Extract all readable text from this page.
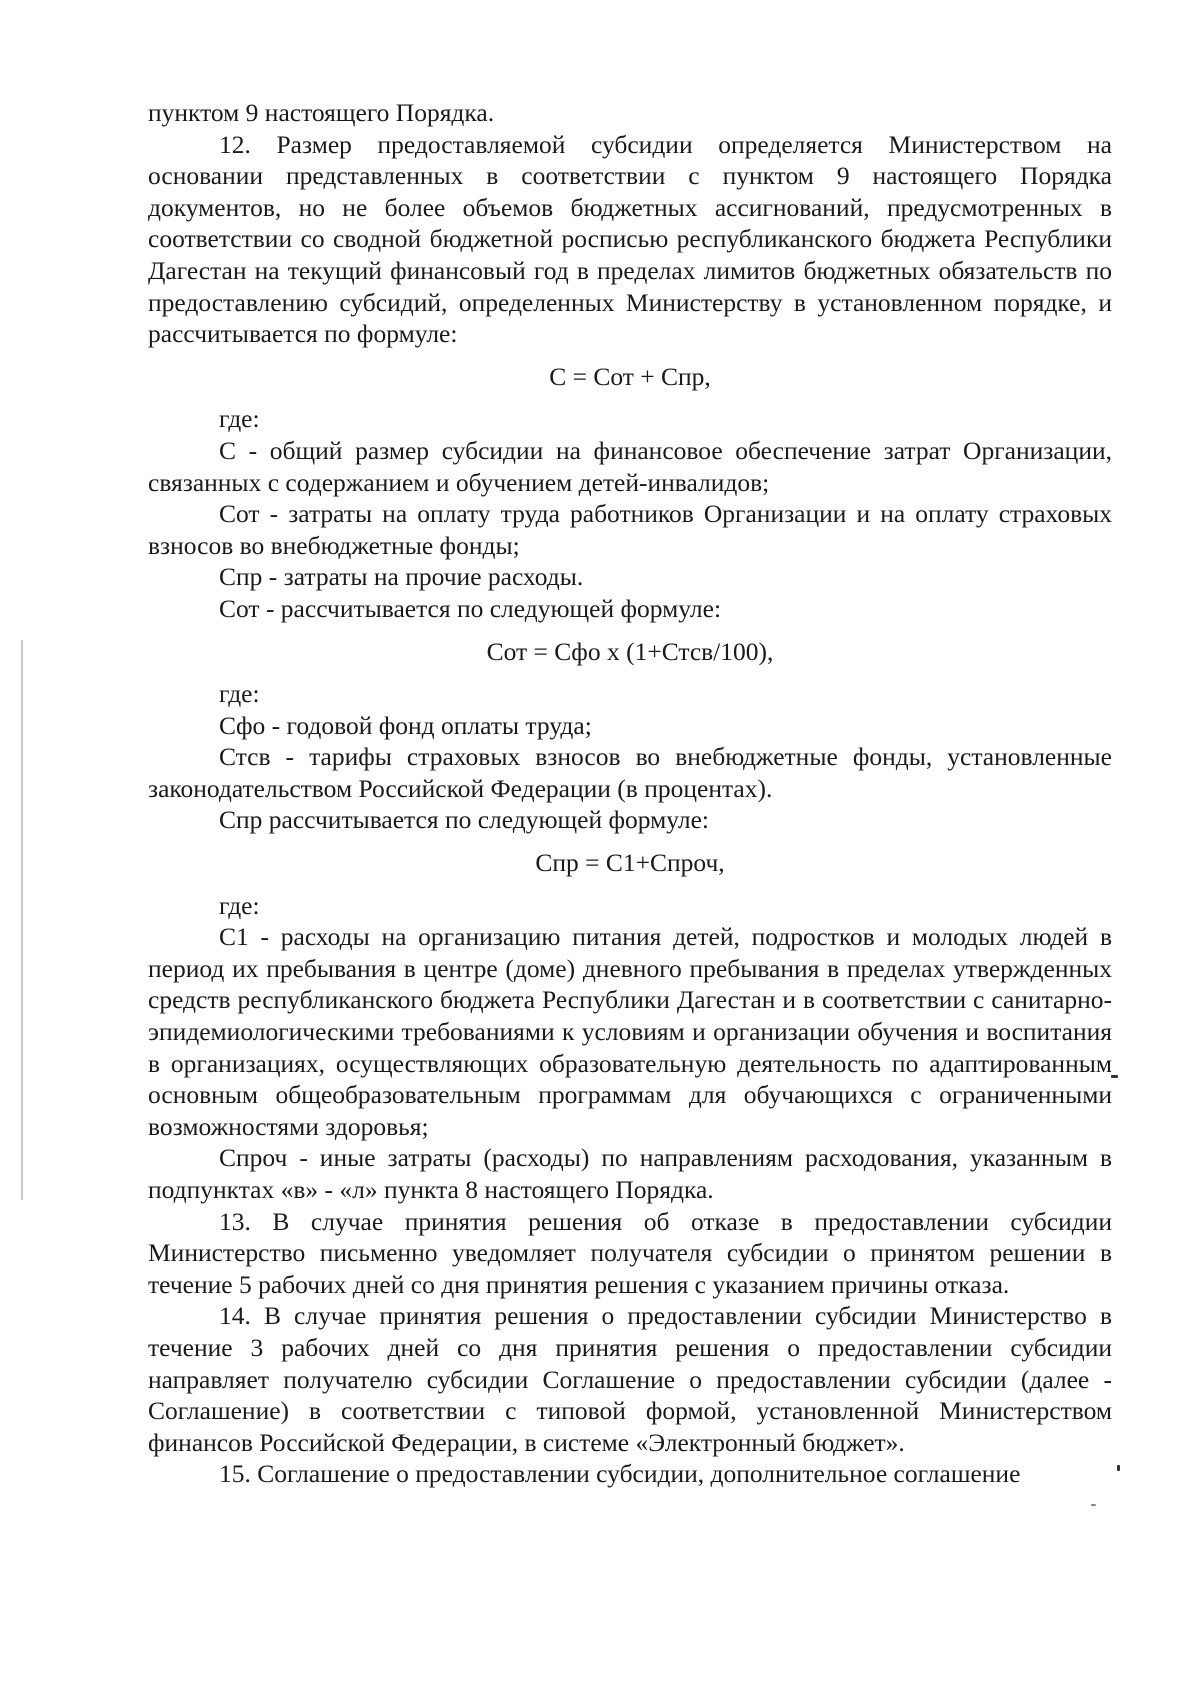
пунктом 9 настоящего Порядка.

12. Размер предоставляемой субсидии определяется Министерством на основании представленных в соответствии с пунктом 9 настоящего Порядка документов, но не более объемов бюджетных ассигнований, предусмотренных в соответствии со сводной бюджетной росписью республиканского бюджета Республики Дагестан на текущий финансовый год в пределах лимитов бюджетных обязательств по предоставлению субсидий, определенных Министерству в установленном порядке, и рассчитывается по формуле:

С = Сот + Спр,

где:

С - общий размер субсидии на финансовое обеспечение затрат Организации, связанных с содержанием и обучением детей-инвалидов;

Сот - затраты на оплату труда работников Организации и на оплату страховых взносов во внебюджетные фонды;

Спр - затраты на прочие расходы.

Сот - рассчитывается по следующей формуле:

Сот = Сфо х (1+Стсв/100),

где:

Сфо - годовой фонд оплаты труда;

Стсв - тарифы страховых взносов во внебюджетные фонды, установленные законодательством Российской Федерации (в процентах).

Спр рассчитывается по следующей формуле:

Спр = С1+Спроч,

где:

С1 - расходы на организацию питания детей, подростков и молодых людей в период их пребывания в центре (доме) дневного пребывания в пределах утвержденных средств республиканского бюджета Республики Дагестан и в соответствии с санитарно-эпидемиологическими требованиями к условиям и организации обучения и воспитания в организациях, осуществляющих образовательную деятельность по адаптированным основным общеобразовательным программам для обучающихся с ограниченными возможностями здоровья;

Спроч - иные затраты (расходы) по направлениям расходования, указанным в подпунктах «в» - «л» пункта 8 настоящего Порядка.

13. В случае принятия решения об отказе в предоставлении субсидии Министерство письменно уведомляет получателя субсидии о принятом решении в течение 5 рабочих дней со дня принятия решения с указанием причины отказа.

14. В случае принятия решения о предоставлении субсидии Министерство в течение 3 рабочих дней со дня принятия решения о предоставлении субсидии направляет получателю субсидии Соглашение о предоставлении субсидии (далее - Соглашение) в соответствии с типовой формой, установленной Министерством финансов Российской Федерации, в системе «Электронный бюджет».

15. Соглашение о предоставлении субсидии, дополнительное соглашение
